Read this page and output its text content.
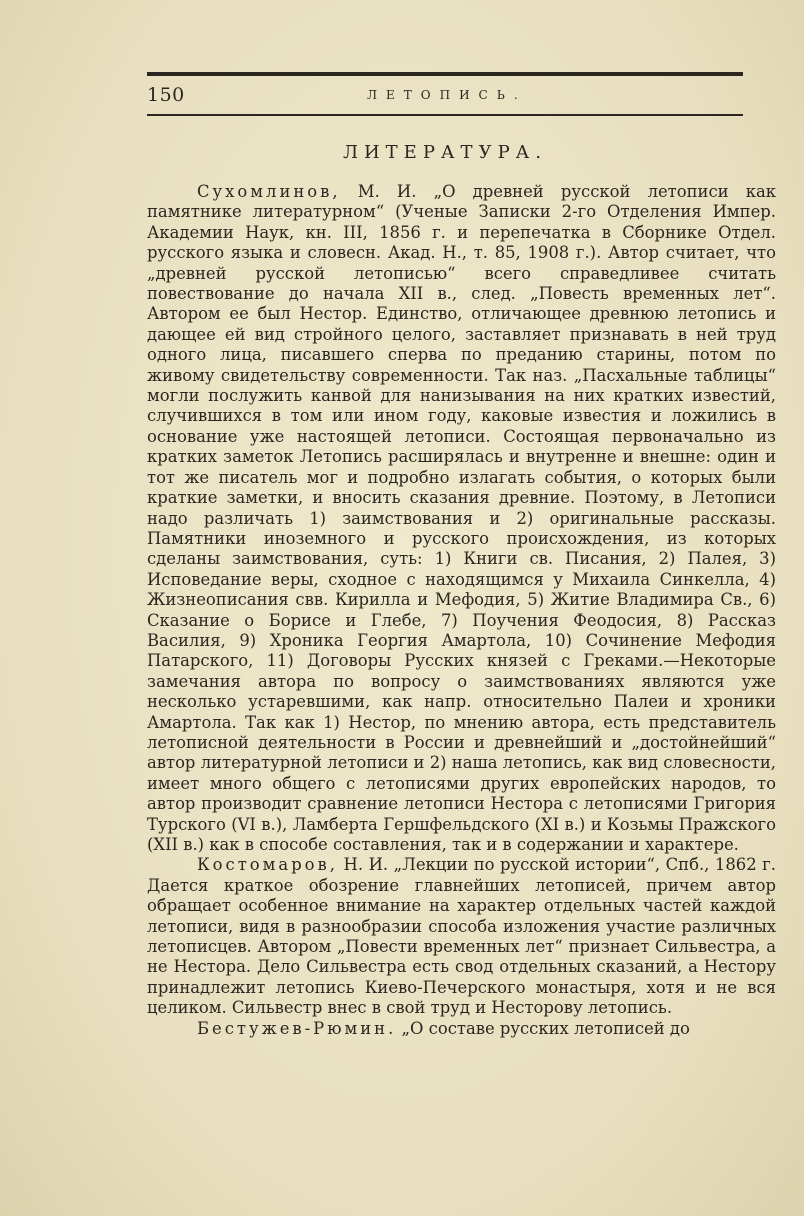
150	ЛЕТОПИСЬ.
ЛИТЕРАТУРА.

Сухомлинов, М. И. „О древней русской летописи как памятнике литературном“ (Ученые Записки 2-го Отделения Импер. Академии Наук, кн. III, 1856 г. и перепечатка в Сборнике Отдел. русского языка и словесн. Акад. Н., т. 85, 1908 г.). Автор считает, что „древней русской летописью“ всего справедливее считать повествование до начала XII в., след. „Повесть временных лет“. Автором ее был Нестор. Единство, отличающее древнюю летопись и дающее ей вид стройного целого, заставляет признавать в ней труд одного лица, писавшего сперва по преданию старины, потом по живому свидетельству современности. Так наз. „Пасхальные таблицы“ могли послужить канвой для нанизывания на них кратких известий, случившихся в том или ином году, каковые известия и ложились в основание уже настоящей летописи. Состоящая первоначально из кратких заметок Летопись расширялась и внутренне и внешне: один и тот же писатель мог и подробно излагать события, о которых были краткие заметки, и вносить сказания древние. Поэтому, в Летописи надо различать 1) заимствования и 2) оригинальные рассказы. Памятники иноземного и русского происхождения, из которых сделаны заимствования, суть: 1) Книги св. Писания, 2) Палея, 3) Исповедание веры, сходное с находящимся у Михаила Синкелла, 4) Жизнеописания свв. Кирилла и Мефодия, 5) Житие Владимира Св., 6) Сказание о Борисе и Глебе, 7) Поучения Феодосия, 8) Рассказ Василия, 9) Хроника Георгия Амартола, 10) Сочинение Мефодия Патарского, 11) Договоры Русских князей с Греками.—Некоторые замечания автора по вопросу о заимствованиях являются уже несколько устаревшими, как напр. относительно Палеи и хроники Амартола. Так как 1) Нестор, по мнению автора, есть представитель летописной деятельности в России и древнейший и „достойнейший“ автор литературной летописи и 2) наша летопись, как вид словесности, имеет много общего с летописями других европейских народов, то автор производит сравнение летописи Нестора с летописями Григория Турского (VI в.), Ламберта Гершфельдского (XI в.) и Козьмы Пражского (XII в.) как в способе составления, так и в содержании и характере.

Костомаров, Н. И. „Лекции по русской истории“, Спб., 1862 г. Дается краткое обозрение главнейших летописей, причем автор обращает особенное внимание на характер отдельных частей каждой летописи, видя в разнообразии способа изложения участие различных летописцев. Автором „Повести временных лет“ признает Сильвестра, а не Нестора. Дело Сильвестра есть свод отдельных сказаний, а Нестору принадлежит летопись Киево-Печерского монастыря, хотя и не вся целиком. Сильвестр внес в свой труд и Несторову летопись.

Бестужев-Рюмин. „О составе русских летописей до
